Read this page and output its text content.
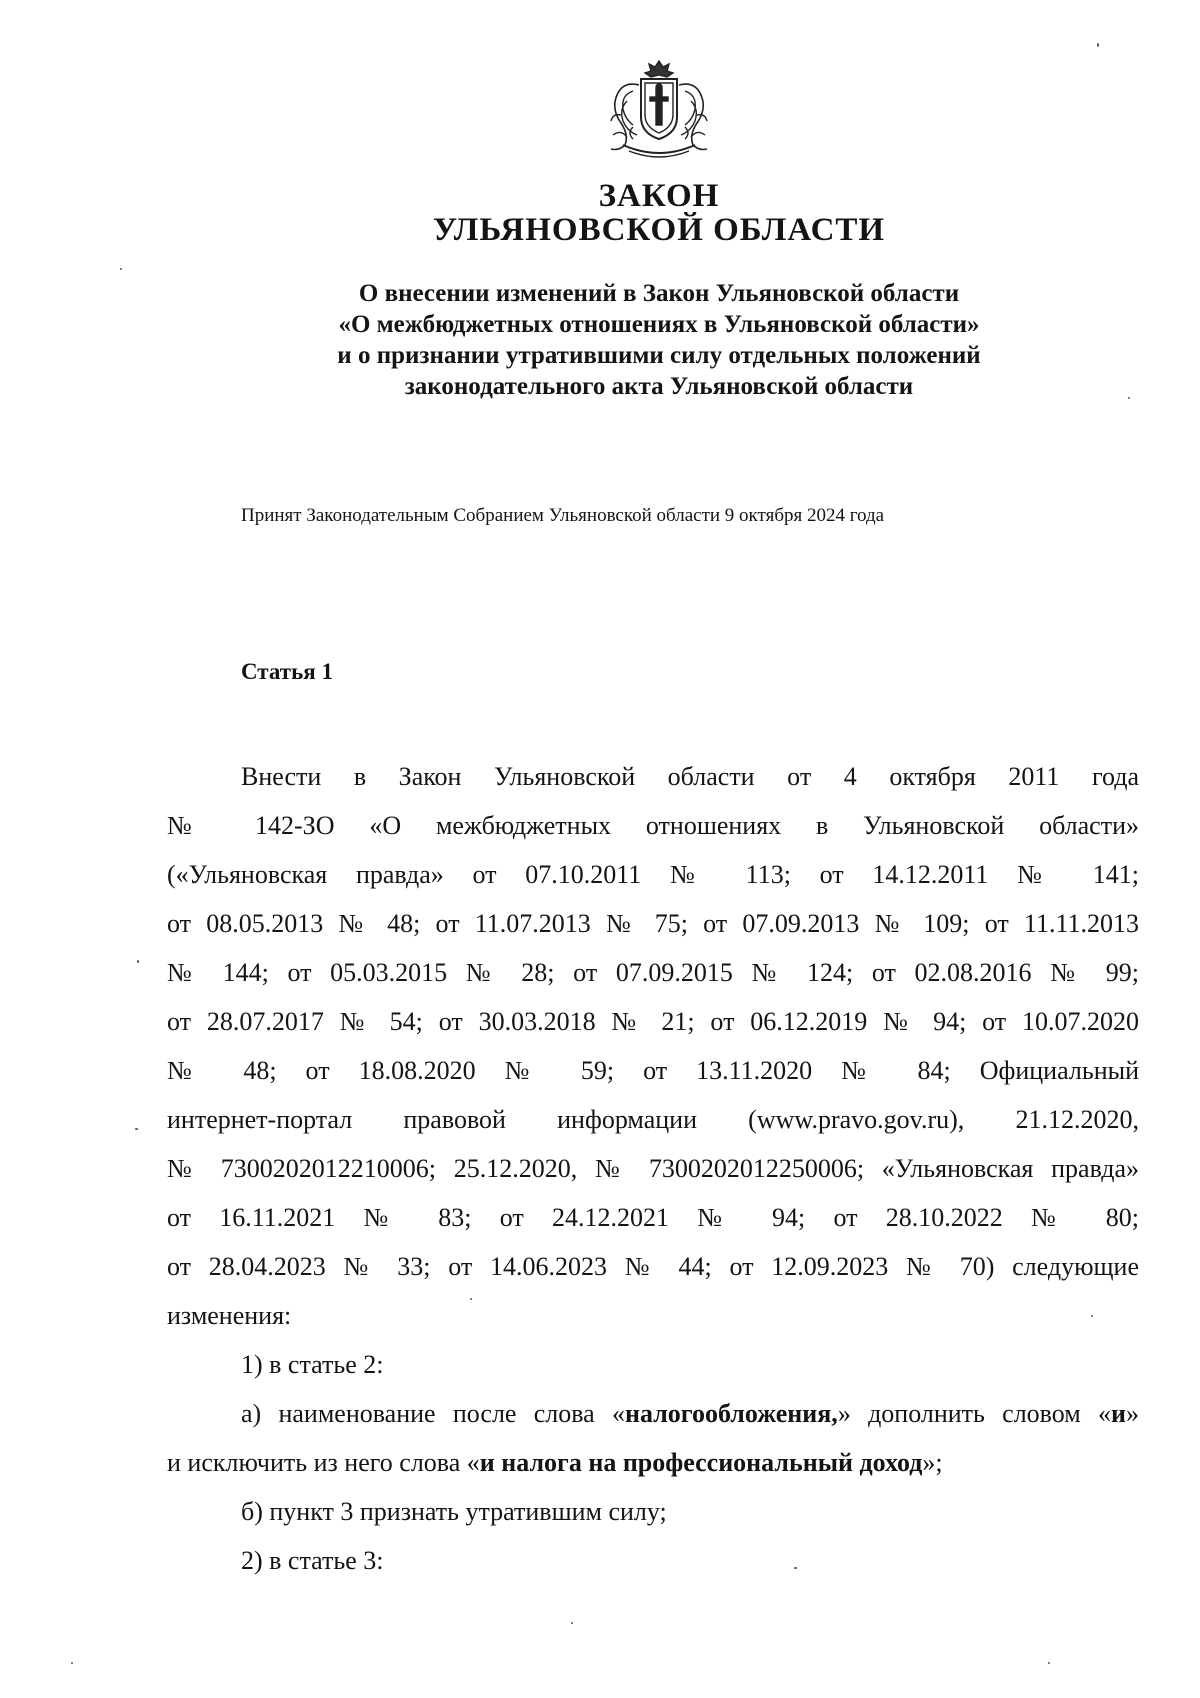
ЗАКОН
УЛЬЯНОВСКОЙ ОБЛАСТИ
О внесении изменений в Закон Ульяновской области
«О межбюджетных отношениях в Ульяновской области»
и о признании утратившими силу отдельных положений
законодательного акта Ульяновской области
Принят Законодательным Собранием Ульяновской области 9 октября 2024 года
Статья 1
Внести в Закон Ульяновской области от 4 октября 2011 года
№ 142-ЗО «О межбюджетных отношениях в Ульяновской области»
(«Ульяновская правда» от 07.10.2011 № 113; от 14.12.2011 № 141;
от 08.05.2013 № 48; от 11.07.2013 № 75; от 07.09.2013 № 109; от 11.11.2013
№ 144; от 05.03.2015 № 28; от 07.09.2015 № 124; от 02.08.2016 № 99;
от 28.07.2017 № 54; от 30.03.2018 № 21; от 06.12.2019 № 94; от 10.07.2020
№ 48; от 18.08.2020 № 59; от 13.11.2020 № 84; Официальный
интернет-портал правовой информации (www.pravo.gov.ru), 21.12.2020,
№ 7300202012210006; 25.12.2020, № 7300202012250006; «Ульяновская правда»
от 16.11.2021 № 83; от 24.12.2021 № 94; от 28.10.2022 № 80;
от 28.04.2023 № 33; от 14.06.2023 № 44; от 12.09.2023 № 70) следующие
изменения:
1) в статье 2:
а) наименование после слова «налогообложения,» дополнить словом «и»
и исключить из него слова «и налога на профессиональный доход»;
б) пункт 3 признать утратившим силу;
2) в статье 3:
